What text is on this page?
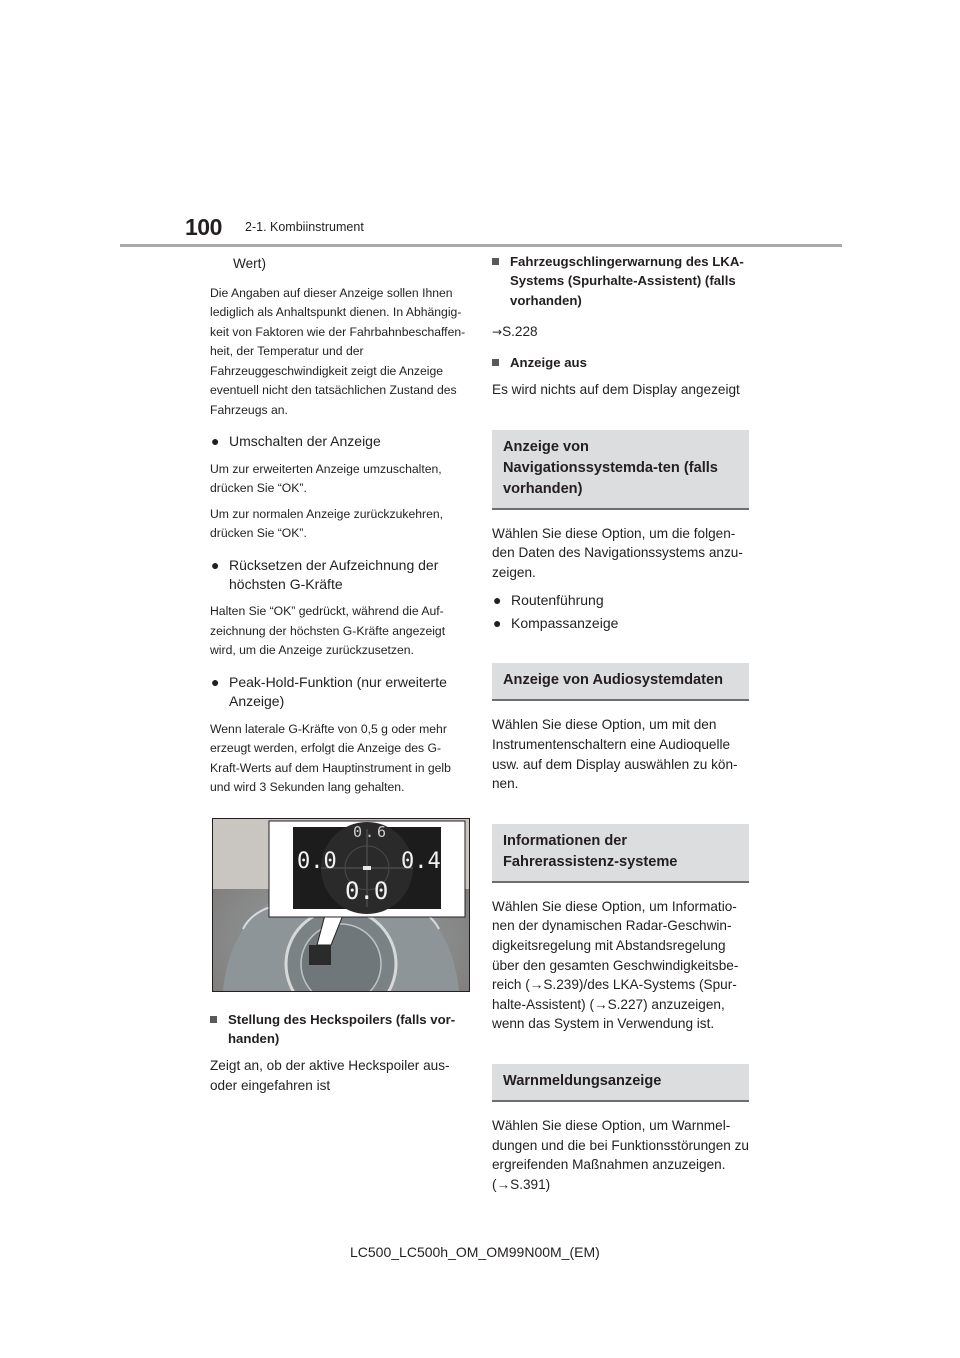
100 2-1. Kombiinstrument

Wert)

Die Angaben auf dieser Anzeige sollen Ihnen lediglich als Anhaltspunkt dienen. In Abhängig-keit von Faktoren wie der Fahrbahnbeschaffen-heit, der Temperatur und der Fahrzeuggeschwindigkeit zeigt die Anzeige eventuell nicht den tatsächlichen Zustand des Fahrzeugs an.

● Umschalten der Anzeige

Um zur erweiterten Anzeige umzuschalten, drücken Sie “OK”.

Um zur normalen Anzeige zurückzukehren, drücken Sie “OK”.

● Rücksetzen der Aufzeichnung der höchsten G-Kräfte

Halten Sie “OK” gedrückt, während die Auf-zeichnung der höchsten G-Kräfte angezeigt wird, um die Anzeige zurückzusetzen.

● Peak-Hold-Funktion (nur erweiterte Anzeige)

Wenn laterale G-Kräfte von 0,5 g oder mehr erzeugt werden, erfolgt die Anzeige des G-Kraft-Werts auf dem Hauptinstrument in gelb und wird 3 Sekunden lang gehalten.

0.6
0.0	0.4
0.0
Stellung des Heckspoilers (falls vor-handen)

Zeigt an, ob der aktive Heckspoiler aus- oder eingefahren ist

Fahrzeugschlingerwarnung des LKA-Systems (Spurhalte-Assistent) (falls vorhanden)

→S.228

Anzeige aus

Es wird nichts auf dem Display angezeigt

Anzeige von Navigationssystemda-ten (falls vorhanden)

Wählen Sie diese Option, um die folgen-den Daten des Navigationssystems anzu-zeigen.

● Routenführung
● Kompassanzeige
Anzeige von Audiosystemdaten

Wählen Sie diese Option, um mit den Instrumentenschaltern eine Audioquelle usw. auf dem Display auswählen zu kön-nen.

Informationen der Fahrerassistenz-systeme

Wählen Sie diese Option, um Informatio-nen der dynamischen Radar-Geschwin-digkeitsregelung mit Abstandsregelung über den gesamten Geschwindigkeitsbe-reich (→S.239)/des LKA-Systems (Spur-halte-Assistent) (→S.227) anzuzeigen, wenn das System in Verwendung ist.

Warnmeldungsanzeige

Wählen Sie diese Option, um Warnmel-dungen und die bei Funktionsstörungen zu ergreifenden Maßnahmen anzuzeigen. (→S.391)

LC500_LC500h_OM_OM99N00M_(EM)
